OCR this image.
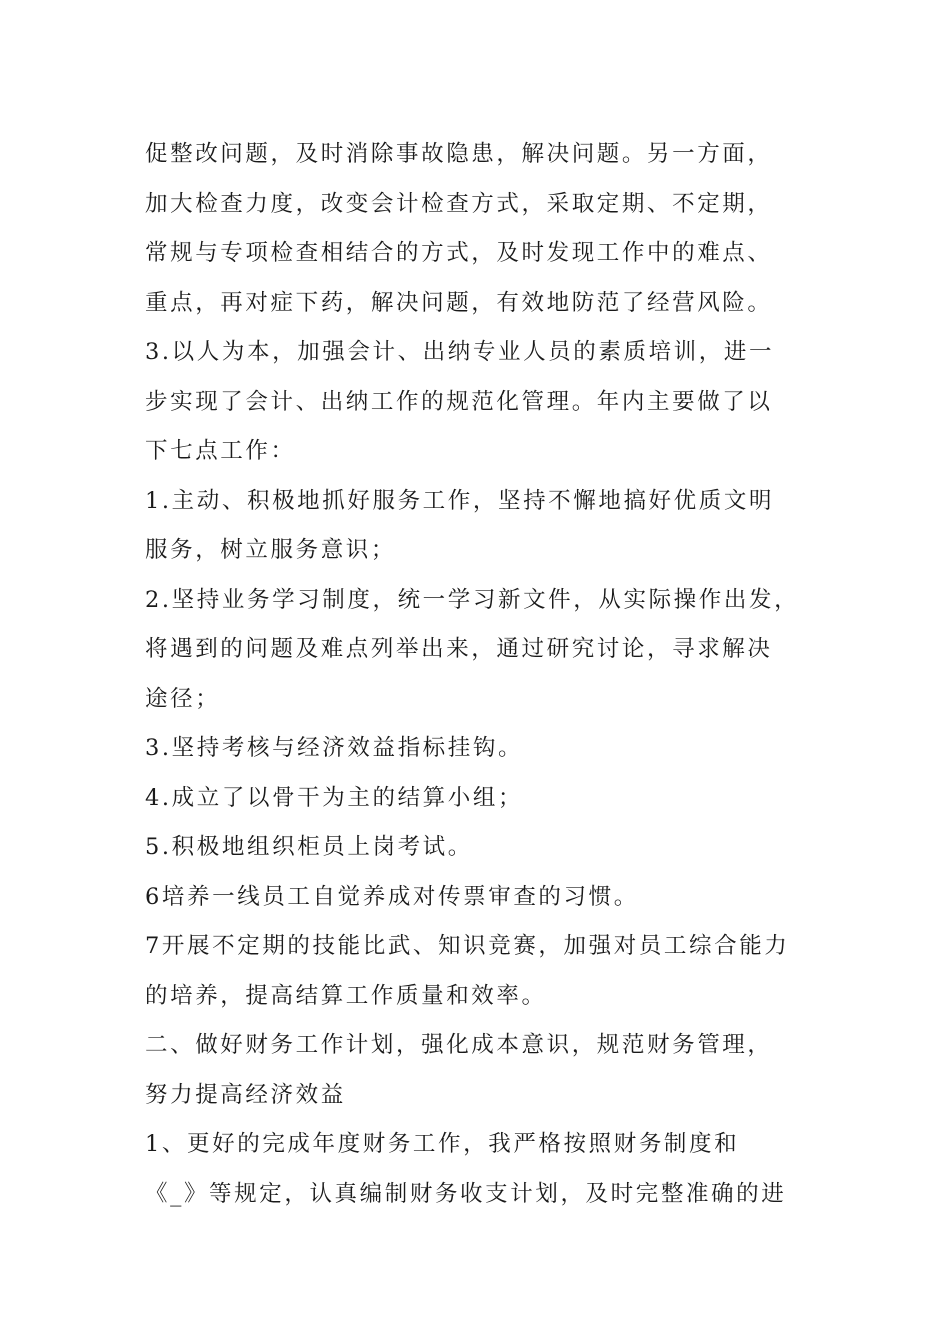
促整改问题，及时消除事故隐患，解决问题。另一方面，

加大检查力度，改变会计检查方式，采取定期、不定期，

常规与专项检查相结合的方式，及时发现工作中的难点、

重点，再对症下药，解决问题，有效地防范了经营风险。

3.以人为本，加强会计、出纳专业人员的素质培训，进一

步实现了会计、出纳工作的规范化管理。年内主要做了以

下七点工作：

1.主动、积极地抓好服务工作，坚持不懈地搞好优质文明

服务，树立服务意识；

2.坚持业务学习制度，统一学习新文件，从实际操作出发，

将遇到的问题及难点列举出来，通过研究讨论，寻求解决

途径；

3.坚持考核与经济效益指标挂钩。

4.成立了以骨干为主的结算小组；

5.积极地组织柜员上岗考试。

6培养一线员工自觉养成对传票审查的习惯。

7开展不定期的技能比武、知识竞赛，加强对员工综合能力

的培养，提高结算工作质量和效率。

二、做好财务工作计划，强化成本意识，规范财务管理，

努力提高经济效益

1、更好的完成年度财务工作，我严格按照财务制度和

《_》等规定，认真编制财务收支计划，及时完整准确的进
